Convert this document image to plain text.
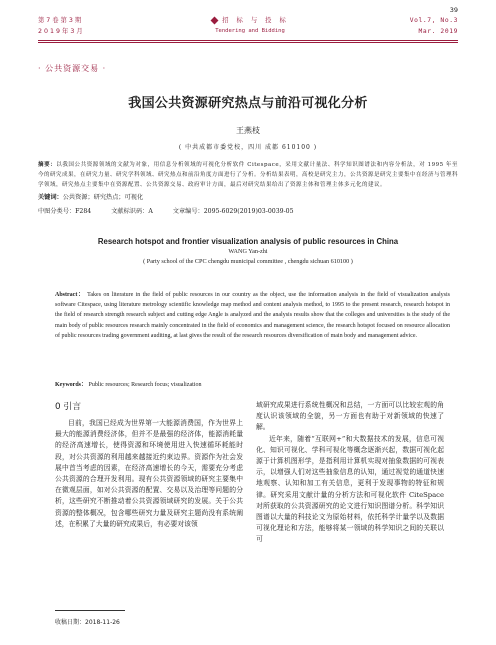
39
第 7 卷 第 3 期
2 0 1 9 年 3 月
招 标 与 投 标
Tendering and Bidding
Vol.7, No.3
Mar. 2019
· 公共资源交易 ·
我国公共资源研究热点与前沿可视化分析
王燕枝
( 中共成都市委党校，四川 成都 610100 )
摘要：以我国公共资源领域的文献为对象，用信息分析领域的可视化分析软件 Citespace，采用文献计量法、科学知识图谱法和内容分析法，对 1995 年至今的研究成果，在研究力量、研究学科领域、研究热点和前沿角度方面进行了分析。分析结果表明，高校是研究主力，公共资源是研究主要集中在经济与管理科学领域，研究热点主要集中在资源配置、公共资源交易、政府审计方面，最后对研究结果给出了资源主体和管理主体多元化的建议。
关键词：公共资源；研究热点；可视化
中图分类号：F284	文献标识码：A	文章编号：2095-6029(2019)03-0039-05
Research hotspot and frontier visualization analysis of public resources in China
WANG Yan-zhi
( Party school of the CPC chengdu municipal committee , chengdu sichuan 610100 )
Abstract： Takes on literature in the field of public resources in our country as the object, use the information analysis in the field of visualization analysis software Citespace, using literature metrology scientific knowledge map method and content analysis method, to 1995 to the present research, research hotspot in the field of research strength research subject and cutting edge Angle is analyzed and the analysis results show that the colleges and universities is the study of the main body of public resources research mainly concentrated in the field of economics and management science, the research hotspot focused on resource allocation of public resources trading government auditing, at last gives the result of the research resources diversification of main body and management advice.
Keywords： Public resources; Research focus; visualization
0 引言

目前，我国已经成为世界第一大能源消费国，作为世界上最大的能源消费经济体，但并不是最强的经济体，能源消耗量的经济高速增长，使得资源和环境使用进入快速循环耗能时段，对公共资源的利用越来越接近约束边界。资源作为社会发展中首当考虑的因素，在经济高速增长的今天，需要充分考虑公共资源的合理开发利用。现有公共资源领域的研究主要集中在微观层面，如对公共资源的配置、交易以及治理等问题的分析，这些研究不断推动着公共资源领域研究的发展。关于公共资源的整体概况，包含哪些研究力量及研究主题尚没有系统阐述，在积累了大量的研究成果后，有必要对该领

域研究成果进行系统性概况和总结，一方面可以比较宏观的角度认识该领域的全貌，另一方面也有助于对新领域的快速了解。

近年来，随着“互联网+”和大数据技术的发展，信息可视化、知识可视化、学科可视化等概念逐渐兴起，数据可视化起源于计算机图形学，是指利用计算机实现对抽象数据的可视表示，以增强人们对这些抽象信息的认知，通过视觉的通道快速地观察、认知和加工有关信息，更利于发现事物的特征和规律。研究采用文献计量的分析方法和可视化软件 CiteSpace 对所获取的公共资源研究的论文进行知识图谱分析。科学知识图谱以大量的科技论文为原始材料，依托科学计量学以及数据可视化理论和方法，能够将某一领域的科学知识之间的关联以可

收稿日期：2018-11-26
